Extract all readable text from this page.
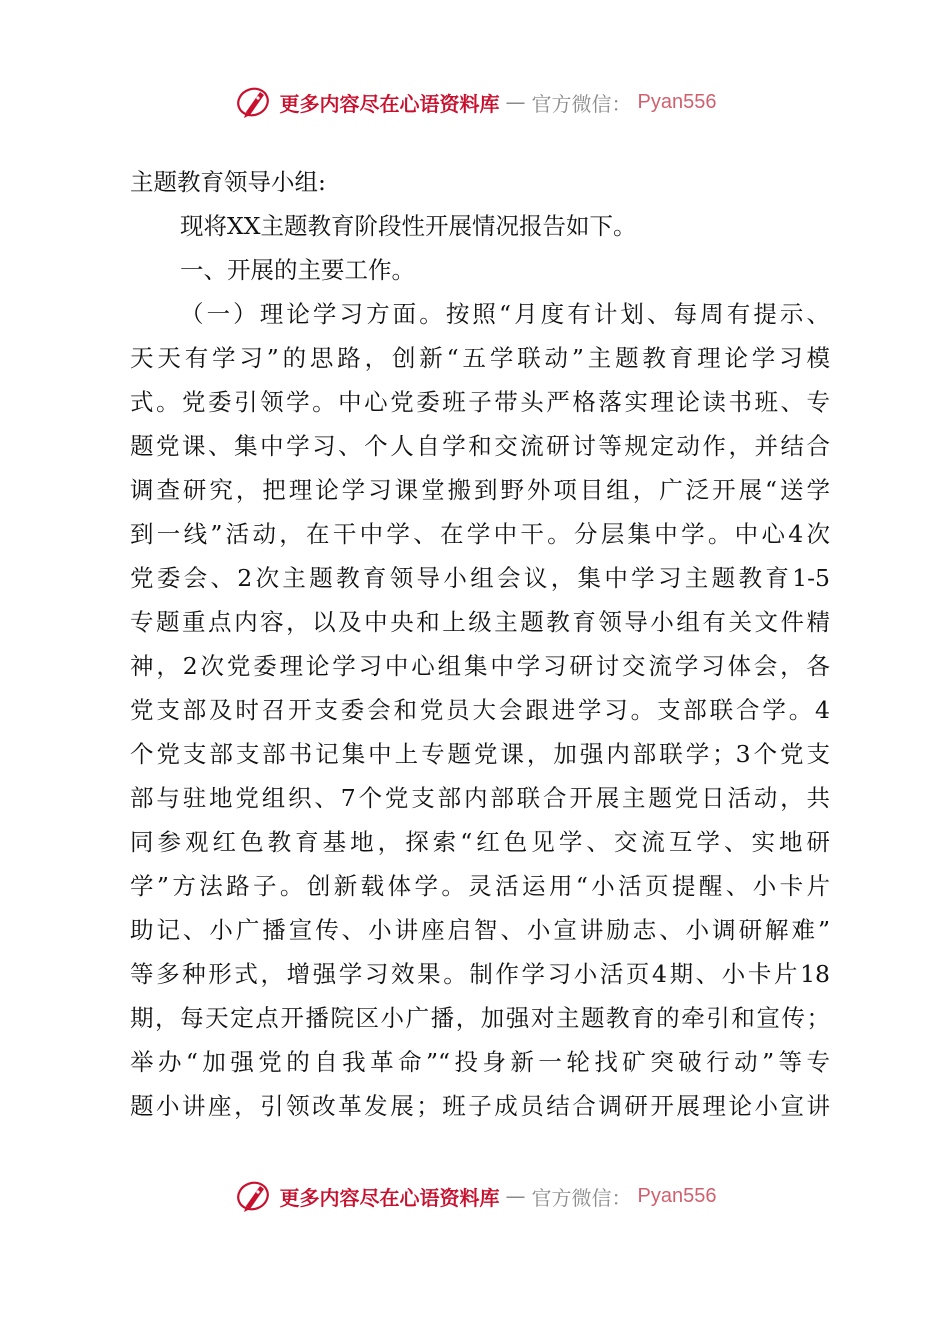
更多内容尽在心语资料库 — 官方微信： Pyan556
主题教育领导小组:
现将XX主题教育阶段性开展情况报告如下。
一、开展的主要工作。
（一）理论学习方面。按照“月度有计划、每周有提示、
天天有学习”的思路，创新“五学联动”主题教育理论学习模
式。党委引领学。中心党委班子带头严格落实理论读书班、专
题党课、集中学习、个人自学和交流研讨等规定动作，并结合
调查研究，把理论学习课堂搬到野外项目组，广泛开展“送学
到一线”活动，在干中学、在学中干。分层集中学。中心4次
党委会、2次主题教育领导小组会议，集中学习主题教育1-5
专题重点内容，以及中央和上级主题教育领导小组有关文件精
神，2次党委理论学习中心组集中学习研讨交流学习体会，各
党支部及时召开支委会和党员大会跟进学习。支部联合学。4
个党支部支部书记集中上专题党课，加强内部联学；3个党支
部与驻地党组织、7个党支部内部联合开展主题党日活动，共
同参观红色教育基地，探索“红色见学、交流互学、实地研
学”方法路子。创新载体学。灵活运用“小活页提醒、小卡片
助记、小广播宣传、小讲座启智、小宣讲励志、小调研解难”
等多种形式，增强学习效果。制作学习小活页4期、小卡片18
期，每天定点开播院区小广播，加强对主题教育的牵引和宣传；
举办“加强党的自我革命”“投身新一轮找矿突破行动”等专
题小讲座，引领改革发展；班子成员结合调研开展理论小宣讲
更多内容尽在心语资料库 — 官方微信： Pyan556
